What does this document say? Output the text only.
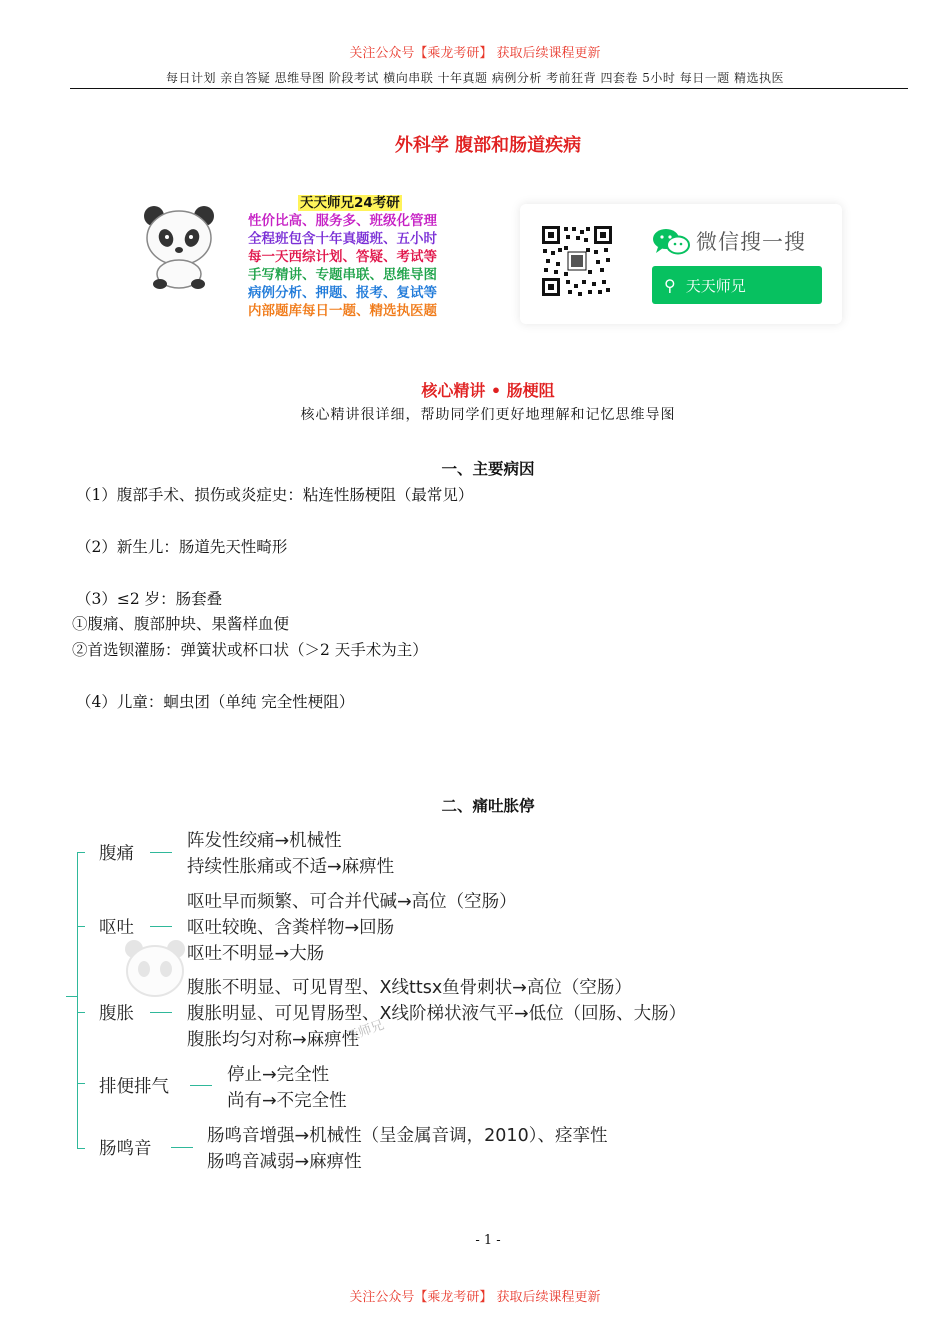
关注公众号【乘龙考研】 获取后续课程更新
每日计划 亲自答疑 思维导图 阶段考试 横向串联 十年真题 病例分析 考前狂背 四套卷 5小时 每日一题 精选执医
外科学 腹部和肠道疾病
天天师兄24考研
性价比高、服务多、班级化管理
全程班包含十年真题班、五小时
每一天西综计划、答疑、考试等
手写精讲、专题串联、思维导图
病例分析、押题、报考、复试等
内部题库每日一题、精选执医题
微信搜一搜
⚲ 天天师兄
核心精讲 • 肠梗阻
核心精讲很详细，帮助同学们更好地理解和记忆思维导图
一、主要病因
（1）腹部手术、损伤或炎症史：粘连性肠梗阻（最常见）
（2）新生儿：肠道先天性畸形
（3）≤2 岁：肠套叠
①腹痛、腹部肿块、果酱样血便
②首选钡灌肠：弹簧状或杯口状（＞2 天手术为主）
（4）儿童：蛔虫团（单纯 完全性梗阻）
二、痛吐胀停
天师兄
腹痛
阵发性绞痛→机械性
持续性胀痛或不适→麻痹性
呕吐
呕吐早而频繁、可合并代碱→高位（空肠）
呕吐较晚、含粪样物→回肠
呕吐不明显→大肠
腹胀
腹胀不明显、可见胃型、X线ttsx鱼骨刺状→高位（空肠）
腹胀明显、可见胃肠型、X线阶梯状液气平→低位（回肠、大肠）
腹胀均匀对称→麻痹性
排便排气
停止→完全性
尚有→不完全性
肠鸣音
肠鸣音增强→机械性（呈金属音调，2010）、痉挛性
肠鸣音减弱→麻痹性
- 1 -
关注公众号【乘龙考研】 获取后续课程更新
